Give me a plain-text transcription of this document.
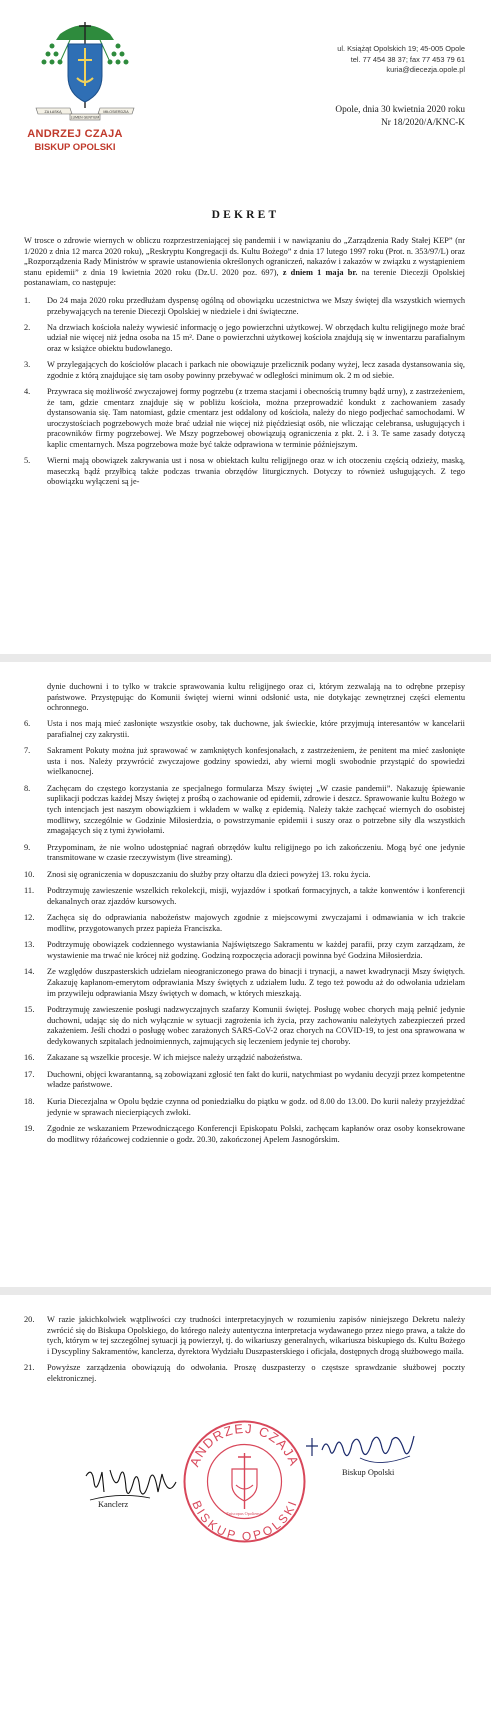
ZA ŁASKĄ	MIŁOSIERDZIA
LUMEN GENTIUM
ANDRZEJ CZAJA
BISKUP OPOLSKI
ul. Książąt Opolskich 19; 45-005 Opole
tel. 77 454 38 37; fax 77 453 79 61
kuria@diecezja.opole.pl
Opole, dnia 30 kwietnia 2020 roku
Nr 18/2020/A/KNC-K
DEKRET
W trosce o zdrowie wiernych w obliczu rozprzestrzeniającej się pandemii i w nawiązaniu do „Zarządzenia Rady Stałej KEP” (nr 1/2020 z dnia 12 marca 2020 roku), „Reskryptu Kongregacji ds. Kultu Bożego” z dnia 17 lutego 1997 roku (Prot. n. 353/97/L) oraz „Rozporządzenia Rady Ministrów w sprawie ustanowienia określonych ograniczeń, nakazów i zakazów w związku z wystąpieniem stanu epidemii” z dnia 19 kwietnia 2020 roku (Dz.U. 2020 poz. 697), z dniem 1 maja br. na terenie Diecezji Opolskiej postanawiam, co następuje:
1. Do 24 maja 2020 roku przedłużam dyspensę ogólną od obowiązku uczestnictwa we Mszy świętej dla wszystkich wiernych przebywających na terenie Diecezji Opolskiej w niedziele i dni świąteczne.
2. Na drzwiach kościoła należy wywiesić informację o jego powierzchni użytkowej. W obrzędach kultu religijnego może brać udział nie więcej niż jedna osoba na 15 m². Dane o powierzchni użytkowej kościoła znajdują się w inwentarzu parafialnym oraz w książce obiektu budowlanego.
3. W przylegających do kościołów placach i parkach nie obowiązuje przelicznik podany wyżej, lecz zasada dystansowania się, zgodnie z którą znajdujące się tam osoby powinny przebywać w odległości minimum ok. 2 m od siebie.
4. Przywraca się możliwość zwyczajowej formy pogrzebu (z trzema stacjami i obecnością trumny bądź urny), z zastrzeżeniem, że tam, gdzie cmentarz znajduje się w pobliżu kościoła, można przeprowadzić kondukt z zachowaniem zasady dystansowania się. Tam natomiast, gdzie cmentarz jest oddalony od kościoła, należy do niego podjechać samochodami. W uroczystościach pogrzebowych może brać udział nie więcej niż pięćdziesiąt osób, nie wliczając celebransa, usługujących i pracowników firmy pogrzebowej. We Mszy pogrzebowej obowiązują ograniczenia z pkt. 2. i 3. Te same zasady dotyczą kaplic cmentarnych. Msza pogrzebowa może być także odprawiona w terminie późniejszym.
5. Wierni mają obowiązek zakrywania ust i nosa w obiektach kultu religijnego oraz w ich otoczeniu częścią odzieży, maską, maseczką bądź przyłbicą także podczas trwania obrzędów liturgicznych. Dotyczy to również usługujących. Z tego obowiązku wyłączeni są je-
dynie duchowni i to tylko w trakcie sprawowania kultu religijnego oraz ci, którym zezwalają na to odrębne przepisy państwowe. Przystępując do Komunii świętej wierni winni odsłonić usta, nie dotykając zewnętrznej części elementu ochronnego.
6. Usta i nos mają mieć zasłonięte wszystkie osoby, tak duchowne, jak świeckie, które przyjmują interesantów w kancelarii parafialnej czy zakrystii.
7. Sakrament Pokuty można już sprawować w zamkniętych konfesjonałach, z zastrzeżeniem, że penitent ma mieć zasłonięte usta i nos. Należy przywrócić zwyczajowe godziny spowiedzi, aby wierni mogli swobodnie przystąpić do spowiedzi wielkanocnej.
8. Zachęcam do częstego korzystania ze specjalnego formularza Mszy świętej „W czasie pandemii”. Nakazuję śpiewanie suplikacji podczas każdej Mszy świętej z prośbą o zachowanie od epidemii, zdrowie i deszcz. Sprawowanie kultu Bożego w tych intencjach jest naszym obowiązkiem i wkładem w walkę z epidemią. Należy także zachęcać wiernych do osobistej modlitwy, szczególnie w Godzinie Miłosierdzia, o powstrzymanie epidemii i suszy oraz o potrzebne siły dla wszystkich zmagających się z tymi żywiołami.
9. Przypominam, że nie wolno udostępniać nagrań obrzędów kultu religijnego po ich zakończeniu. Mogą być one jedynie transmitowane w czasie rzeczywistym (live streaming).
10. Znosi się ograniczenia w dopuszczaniu do służby przy ołtarzu dla dzieci powyżej 13. roku życia.
11. Podtrzymuję zawieszenie wszelkich rekolekcji, misji, wyjazdów i spotkań formacyjnych, a także konwentów i konferencji dekanalnych oraz zjazdów kursowych.
12. Zachęca się do odprawiania nabożeństw majowych zgodnie z miejscowymi zwyczajami i odmawiania w ich trakcie modlitw, przygotowanych przez papieża Franciszka.
13. Podtrzymuję obowiązek codziennego wystawiania Najświętszego Sakramentu w każdej parafii, przy czym zarządzam, że wystawienie ma trwać nie krócej niż godzinę. Godziną rozpoczęcia adoracji powinna być Godzina Miłosierdzia.
14. Ze względów duszpasterskich udzielam nieograniczonego prawa do binacji i trynacji, a nawet kwadrynacji Mszy świętych. Zakazuję kapłanom-emerytom odprawiania Mszy świętych z udziałem ludu. Z tego też powodu aż do odwołania udzielam im przywileju odprawiania Mszy świętych w domach, w których mieszkają.
15. Podtrzymuję zawieszenie posługi nadzwyczajnych szafarzy Komunii świętej. Posługę wobec chorych mają pełnić jedynie duchowni, udając się do nich wyłącznie w sytuacji zagrożenia ich życia, przy zachowaniu należytych zabezpieczeń przed zakażeniem. Jeśli chodzi o posługę wobec zarażonych SARS-CoV-2 oraz chorych na COVID-19, to jest ona sprawowana w dedykowanych szpitalach jednoimiennych, zajmujących się leczeniem jedynie tej choroby.
16. Zakazane są wszelkie procesje. W ich miejsce należy urządzić nabożeństwa.
17. Duchowni, objęci kwarantanną, są zobowiązani zgłosić ten fakt do kurii, natychmiast po wydaniu decyzji przez kompetentne władze państwowe.
18. Kuria Diecezjalna w Opolu będzie czynna od poniedziałku do piątku w godz. od 8.00 do 13.00. Do kurii należy przyjeżdżać jedynie w sprawach niecierpiących zwłoki.
19. Zgodnie ze wskazaniem Przewodniczącego Konferencji Episkopatu Polski, zachęcam kapłanów oraz osoby konsekrowane do modlitwy różańcowej codziennie o godz. 20.30, zakończonej Apelem Jasnogórskim.
20. W razie jakichkolwiek wątpliwości czy trudności interpretacyjnych w rozumieniu zapisów niniejszego Dekretu należy zwrócić się do Biskupa Opolskiego, do którego należy autentyczna interpretacja wydawanego przez niego prawa, a także do tych, którym w tej szczególnej sytuacji ją powierzył, tj. do wikariuszy generalnych, wikariusza biskupiego ds. Kultu Bożego i Dyscypliny Sakramentów, kanclerza, dyrektora Wydziału Duszpasterskiego i oficjała, dostępnych drogą służbowego maila.
21. Powyższe zarządzenia obowiązują do odwołania. Proszę duszpasterzy o częstsze sprawdzanie służbowej poczty elektronicznej.
ANDRZEJ CZAJA
BISKUP OPOLSKI
Episcopus Opoliensis
Kanclerz
Biskup Opolski
